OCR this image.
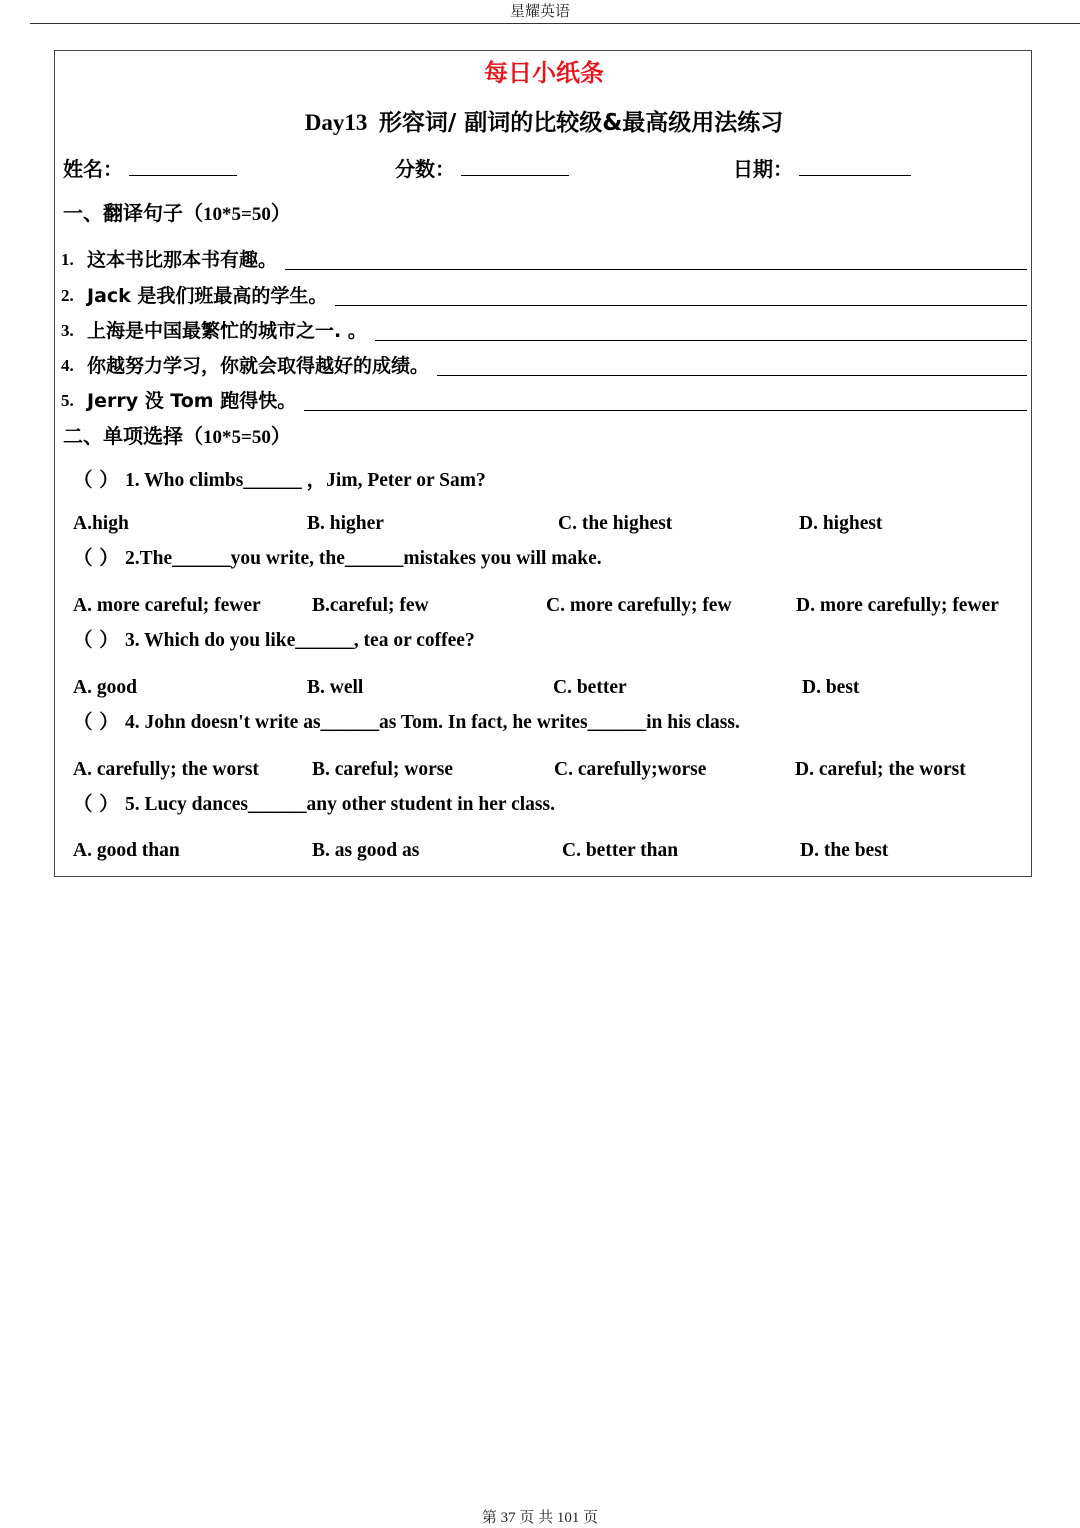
星耀英语
每日小纸条
Day13 形容词/ 副词的比较级&最高级用法练习
姓名：	分数：	日期：
一、翻译句子（10*5=50）
1. 这本书比那本书有趣。
2. Jack 是我们班最高的学生。
3. 上海是中国最繁忙的城市之一. 。
4. 你越努力学习，你就会取得越好的成绩。
5. Jerry 没 Tom 跑得快。
二、单项选择（10*5=50）
（ ） 1. Who climbs______ ，Jim, Peter or Sam?
A.high	B. higher	C. the highest	D. highest
（ ） 2.The______you write, the______mistakes you will make.
A. more careful; fewer	B.careful; few	C. more carefully; few	D. more carefully; fewer
（ ） 3. Which do you like______, tea or coffee?
A. good	B. well	C. better	D. best
（ ） 4. John doesn't write as______as Tom. In fact, he writes______in his class.
A. carefully; the worst	B. careful; worse	C. carefully;worse	D. careful; the worst
（ ） 5. Lucy dances______any other student in her class.
A. good than	B. as good as	C. better than	D. the best
第 37 页 共 101 页
